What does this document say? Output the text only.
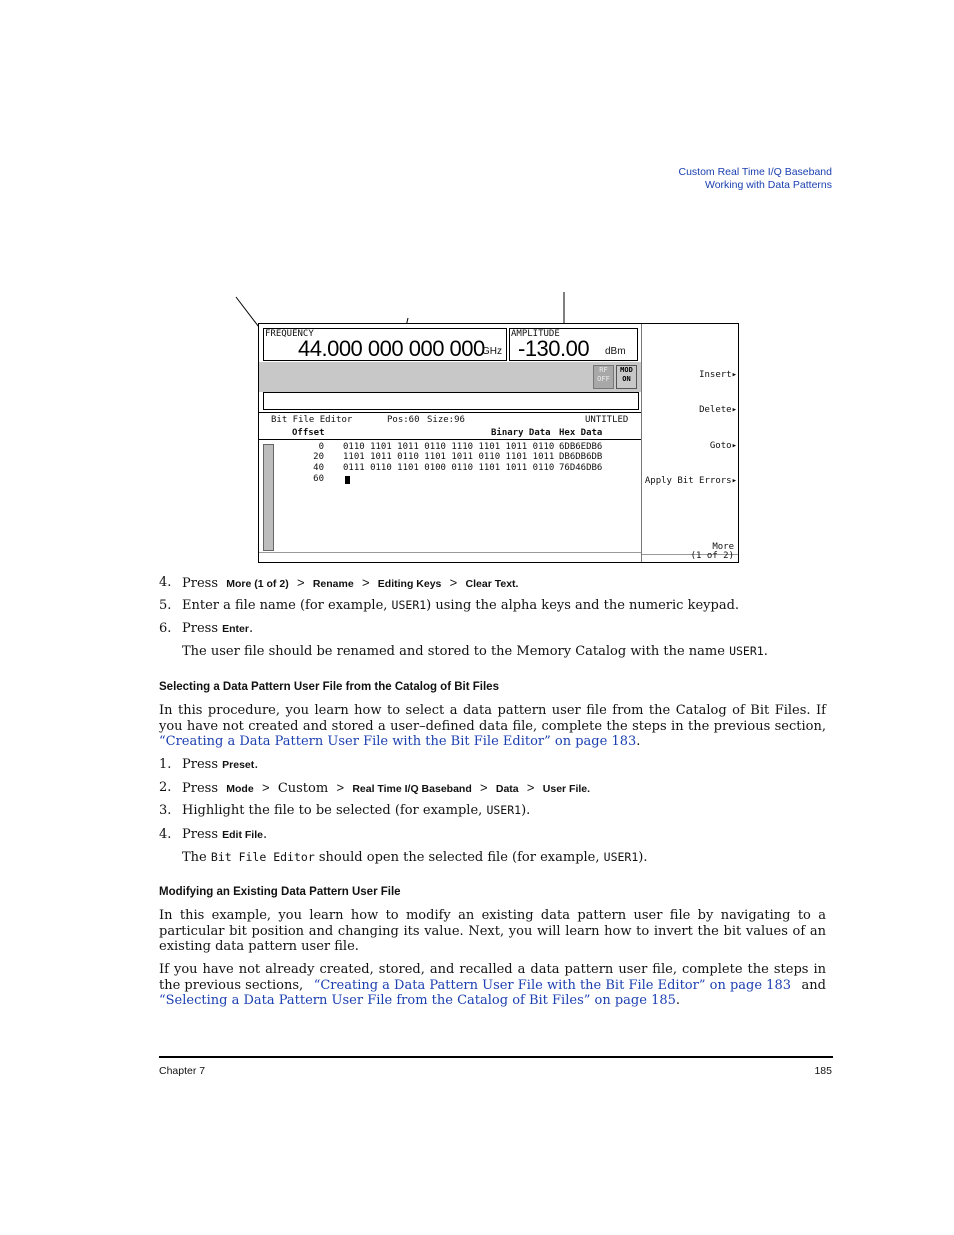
Custom Real Time I/Q Baseband
Working with Data Patterns
FREQUENCY
44.000 000 000 000
GHz
AMPLITUDE
-130.00 dBm
RF
OFF
MOD
ON
Bit File Editor	Pos:60 Size:96	UNTITLED
Offset	Binary Data Hex Data
0 0110 1101 1011 0110 1110 1101 1011 0110 6DB6EDB6
20 1101 1011 0110 1101 1011 0110 1101 1011 DB6DB6DB
40 0111 0110 1101 0100 0110 1101 1011 0110 76D46DB6
60
Insert▸
Delete▸
Goto▸
Apply Bit Errors▸
More
(1 of 2)
4. Press More (1 of 2) > Rename > Editing Keys > Clear Text.
5. Enter a file name (for example, USER1) using the alpha keys and the numeric keypad.
6. Press Enter.
The user file should be renamed and stored to the Memory Catalog with the name USER1.
Selecting a Data Pattern User File from the Catalog of Bit Files
In this procedure, you learn how to select a data pattern user file from the Catalog of Bit Files. If
you have not created and stored a user–defined data file, complete the steps in the previous section,
“Creating a Data Pattern User File with the Bit File Editor” on page 183.
1. Press Preset.
2. Press Mode > Custom > Real Time I/Q Baseband > Data > User File.
3. Highlight the file to be selected (for example, USER1).
4. Press Edit File.
The Bit File Editor should open the selected file (for example, USER1).
Modifying an Existing Data Pattern User File
In this example, you learn how to modify an existing data pattern user file by navigating to a
particular bit position and changing its value. Next, you will learn how to invert the bit values of an
existing data pattern user file.
If you have not already created, stored, and recalled a data pattern user file, complete the steps in
the previous sections, “Creating a Data Pattern User File with the Bit File Editor” on page 183 and
“Selecting a Data Pattern User File from the Catalog of Bit Files” on page 185.
Chapter 7	185
